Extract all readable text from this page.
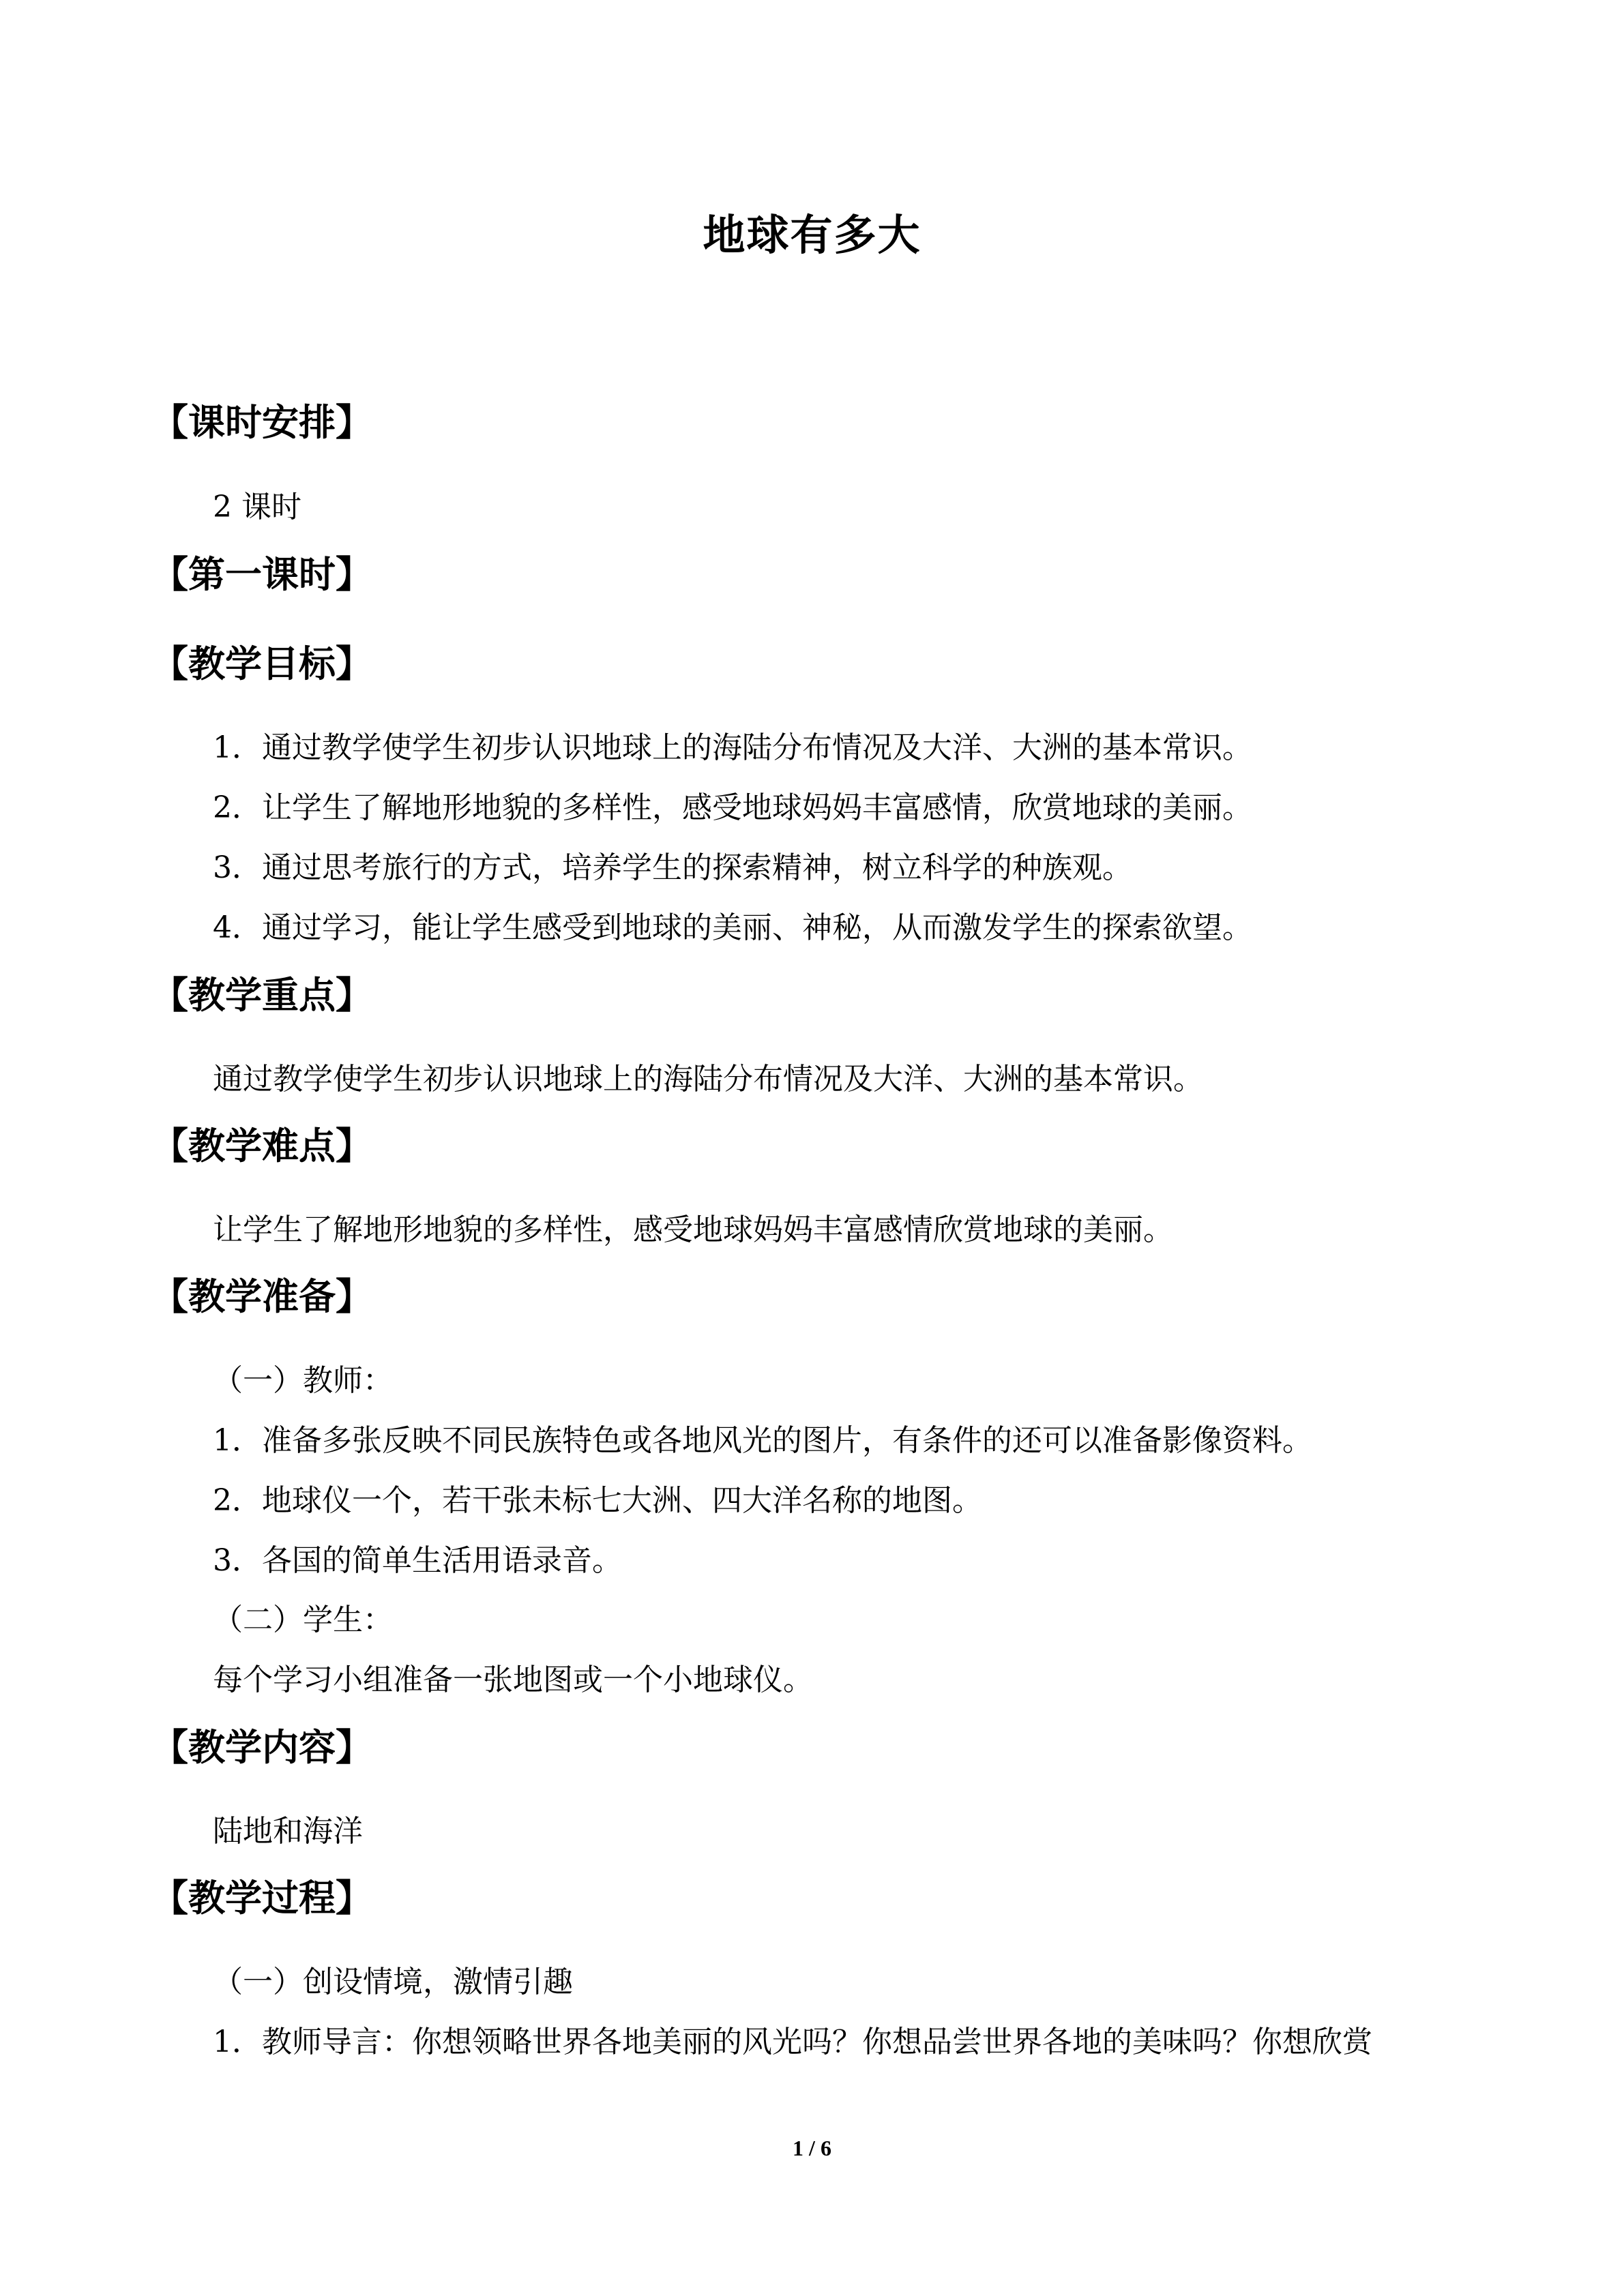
地球有多大
【课时安排】
2 课时
【第一课时】
【教学目标】
1．通过教学使学生初步认识地球上的海陆分布情况及大洋、大洲的基本常识。
2．让学生了解地形地貌的多样性，感受地球妈妈丰富感情，欣赏地球的美丽。
3．通过思考旅行的方式，培养学生的探索精神，树立科学的种族观。
4．通过学习，能让学生感受到地球的美丽、神秘，从而激发学生的探索欲望。
【教学重点】
通过教学使学生初步认识地球上的海陆分布情况及大洋、大洲的基本常识。
【教学难点】
让学生了解地形地貌的多样性，感受地球妈妈丰富感情欣赏地球的美丽。
【教学准备】
（一）教师：
1．准备多张反映不同民族特色或各地风光的图片，有条件的还可以准备影像资料。
2．地球仪一个，若干张未标七大洲、四大洋名称的地图。
3．各国的简单生活用语录音。
（二）学生：
每个学习小组准备一张地图或一个小地球仪。
【教学内容】
陆地和海洋
【教学过程】
（一）创设情境，激情引趣
1．教师导言：你想领略世界各地美丽的风光吗？你想品尝世界各地的美味吗？你想欣赏
1 / 6
